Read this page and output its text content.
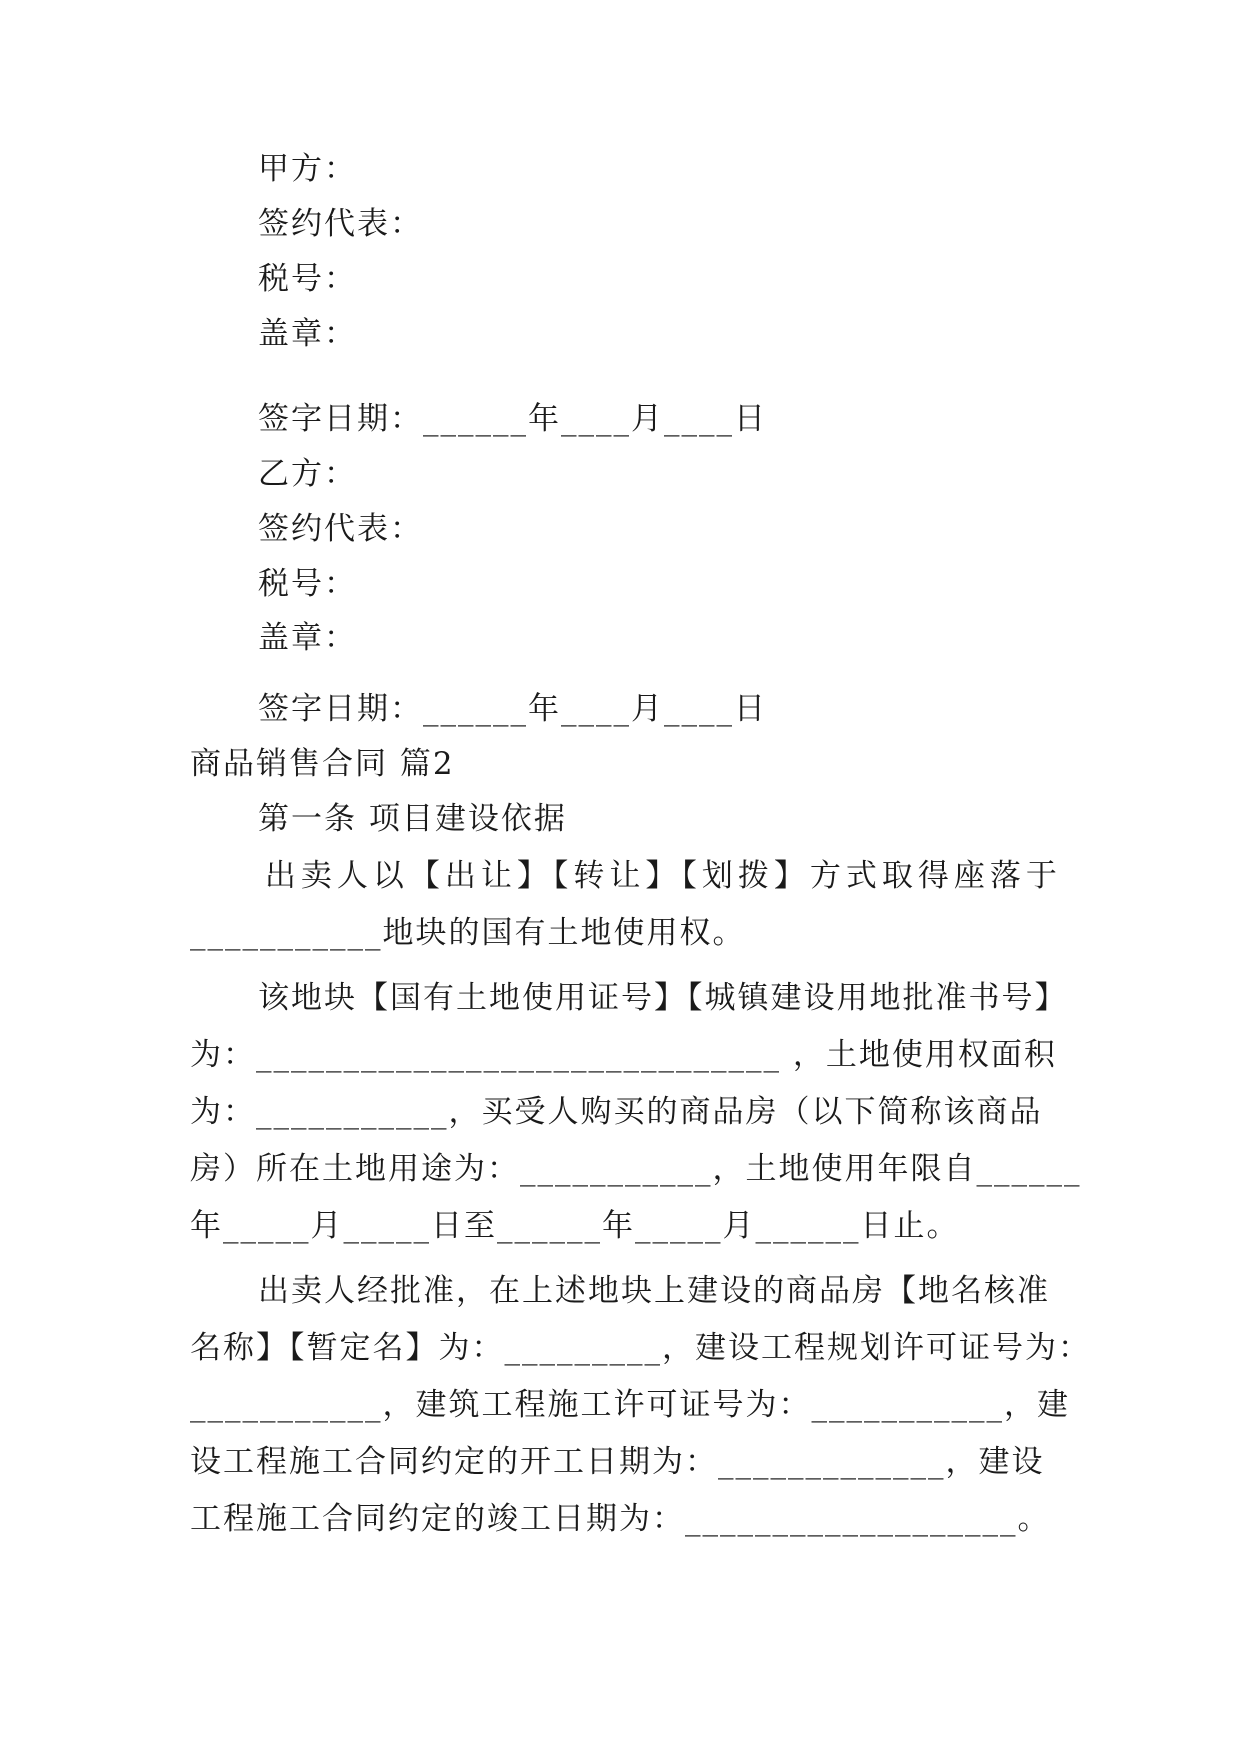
甲方：
签约代表：
税号：
盖章：
签字日期：______年____月____日
乙方：
签约代表：
税号：
盖章：
签字日期：______年____月____日
商品销售合同 篇2
第一条 项目建设依据
出卖人以【出让】【转让】【划拨】方式取得座落于
___________地块的国有土地使用权。
该地块【国有土地使用证号】【城镇建设用地批准书号】
为：______________________________ ，土地使用权面积
为：___________，买受人购买的商品房（以下简称该商品
房）所在土地用途为：___________，土地使用年限自______
年_____月_____日至______年_____月______日止。
出卖人经批准，在上述地块上建设的商品房【地名核准
名称】【暂定名】为：_________，建设工程规划许可证号为：
___________，建筑工程施工许可证号为：___________，建
设工程施工合同约定的开工日期为：_____________，建设
工程施工合同约定的竣工日期为：___________________。
